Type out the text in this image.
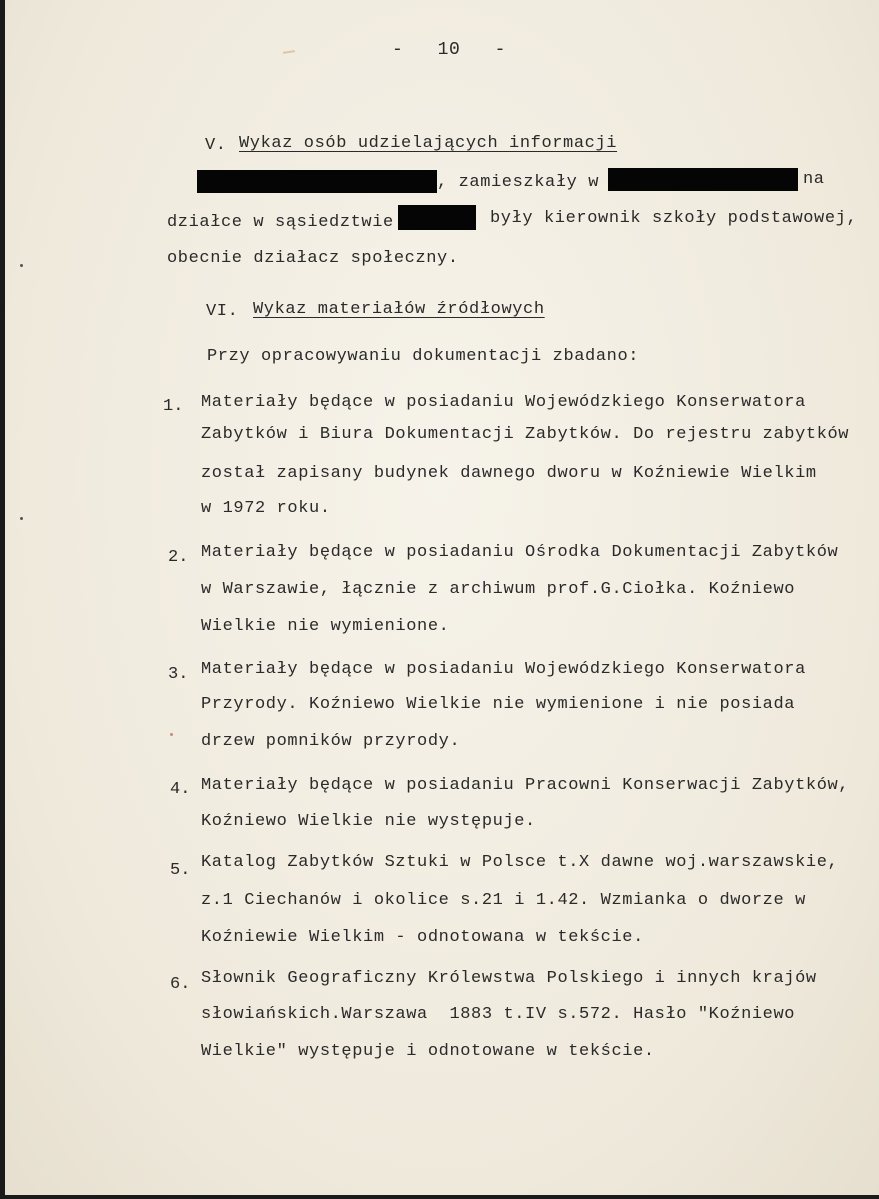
-   10   -
V. Wykaz osób udzielających informacji
, zamieszkały w	na
działce w sąsiedztwie	były kierownik szkoły podstawowej,
obecnie działacz społeczny.
VI. Wykaz materiałów źródłowych
Przy opracowywaniu dokumentacji zbadano:
1. Materiały będące w posiadaniu Wojewódzkiego Konserwatora
Zabytków i Biura Dokumentacji Zabytków. Do rejestru zabytków
został zapisany budynek dawnego dworu w Koźniewie Wielkim
w 1972 roku.
2. Materiały będące w posiadaniu Ośrodka Dokumentacji Zabytków
w Warszawie, łącznie z archiwum prof.G.Ciołka. Koźniewo
Wielkie nie wymienione.
3. Materiały będące w posiadaniu Wojewódzkiego Konserwatora
Przyrody. Koźniewo Wielkie nie wymienione i nie posiada
drzew pomników przyrody.
4. Materiały będące w posiadaniu Pracowni Konserwacji Zabytków,
Koźniewo Wielkie nie występuje.
5. Katalog Zabytków Sztuki w Polsce t.X dawne woj.warszawskie,
z.1 Ciechanów i okolice s.21 i 1.42. Wzmianka o dworze w
Koźniewie Wielkim - odnotowana w tekście.
6. Słownik Geograficzny Królewstwa Polskiego i innych krajów
słowiańskich.Warszawa  1883 t.IV s.572. Hasło "Koźniewo
Wielkie" występuje i odnotowane w tekście.
